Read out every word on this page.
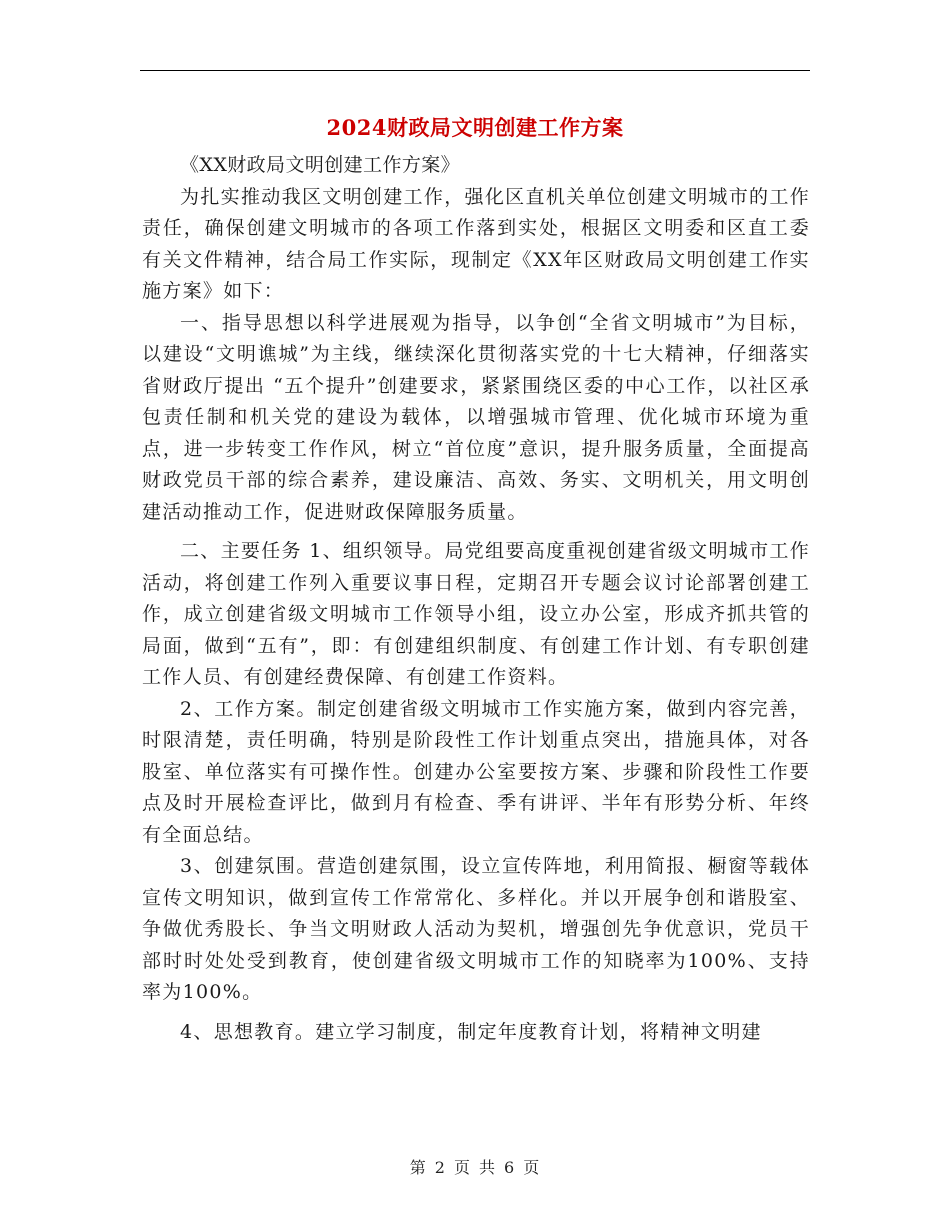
2024财政局文明创建工作方案

《XX财政局文明创建工作方案》

为扎实推动我区文明创建工作，强化区直机关单位创建文明城市的工作责任，确保创建文明城市的各项工作落到实处，根据区文明委和区直工委有关文件精神，结合局工作实际，现制定《XX年区财政局文明创建工作实施方案》如下：

一、指导思想以科学进展观为指导，以争创“全省文明城市”为目标，以建设“文明谯城”为主线，继续深化贯彻落实党的十七大精神，仔细落实省财政厅提出 “五个提升”创建要求，紧紧围绕区委的中心工作，以社区承包责任制和机关党的建设为载体，以增强城市管理、优化城市环境为重点，进一步转变工作作风，树立“首位度”意识，提升服务质量，全面提高财政党员干部的综合素养，建设廉洁、高效、务实、文明机关，用文明创建活动推动工作，促进财政保障服务质量。

二、主要任务 1、组织领导。局党组要高度重视创建省级文明城市工作活动，将创建工作列入重要议事日程，定期召开专题会议讨论部署创建工作，成立创建省级文明城市工作领导小组，设立办公室，形成齐抓共管的局面，做到“五有”，即：有创建组织制度、有创建工作计划、有专职创建工作人员、有创建经费保障、有创建工作资料。

2、工作方案。制定创建省级文明城市工作实施方案，做到内容完善，时限清楚，责任明确，特别是阶段性工作计划重点突出，措施具体，对各股室、单位落实有可操作性。创建办公室要按方案、步骤和阶段性工作要点及时开展检查评比，做到月有检查、季有讲评、半年有形势分析、年终有全面总结。

3、创建氛围。营造创建氛围，设立宣传阵地，利用简报、橱窗等载体宣传文明知识，做到宣传工作常常化、多样化。并以开展争创和谐股室、争做优秀股长、争当文明财政人活动为契机，增强创先争优意识，党员干部时时处处受到教育，使创建省级文明城市工作的知晓率为100%、支持率为100%。

4、思想教育。建立学习制度，制定年度教育计划，将精神文明建

第 2 页 共 6 页
